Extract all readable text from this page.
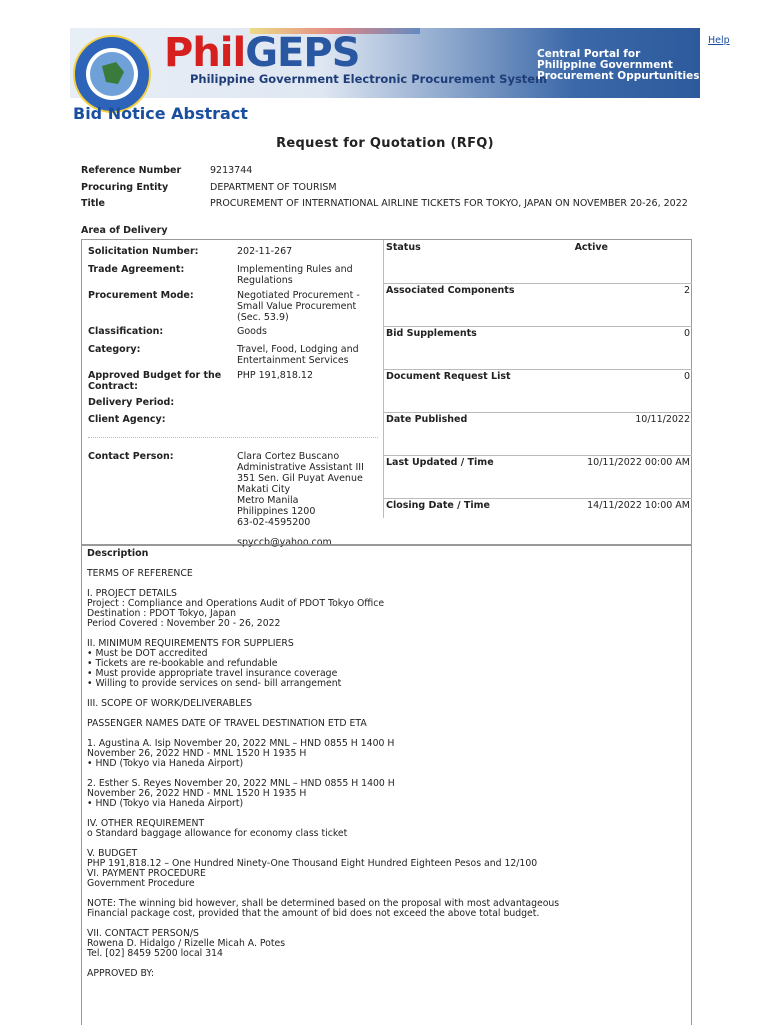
Help
PhilGEPS
Philippine Government Electronic Procurement System
Central Portal for
Philippine Government
Procurement Oppurtunities
Bid Notice Abstract
Request for Quotation (RFQ)
Reference Number	9213744
Procuring Entity	DEPARTMENT OF TOURISM
Title	PROCUREMENT OF INTERNATIONAL AIRLINE TICKETS FOR TOKYO, JAPAN ON NOVEMBER 20-26, 2022
Area of Delivery
Solicitation Number:	202-11-267
Trade Agreement:	Implementing Rules and Regulations
Procurement Mode:	Negotiated Procurement - Small Value Procurement (Sec. 53.9)
Classification:	Goods
Category:	Travel, Food, Lodging and Entertainment Services
Approved Budget for the Contract:
PHP 191,818.12
Delivery Period:
Client Agency:
Contact Person:	Clara Cortez Buscano
Administrative Assistant III
351 Sen. Gil Puyat Avenue
Makati City
Metro Manila
Philippines 1200
63-02-4595200
spyccb@yahoo.com
Status	Active
Associated Components	2
Bid Supplements	0
Document Request List	0
Date Published	10/11/2022
Last Updated / Time	10/11/2022 00:00 AM
Closing Date / Time	14/11/2022 10:00 AM
Description

TERMS OF REFERENCE

I. PROJECT DETAILS
Project : Compliance and Operations Audit of PDOT Tokyo Office
Destination : PDOT Tokyo, Japan
Period Covered : November 20 - 26, 2022

II. MINIMUM REQUIREMENTS FOR SUPPLIERS
• Must be DOT accredited
• Tickets are re-bookable and refundable
• Must provide appropriate travel insurance coverage
• Willing to provide services on send- bill arrangement

III. SCOPE OF WORK/DELIVERABLES

PASSENGER NAMES DATE OF TRAVEL DESTINATION ETD ETA

1. Agustina A. Isip November 20, 2022 MNL – HND 0855 H 1400 H
November 26, 2022 HND - MNL 1520 H 1935 H
• HND (Tokyo via Haneda Airport)

2. Esther S. Reyes November 20, 2022 MNL – HND 0855 H 1400 H
November 26, 2022 HND - MNL 1520 H 1935 H
• HND (Tokyo via Haneda Airport)

IV. OTHER REQUIREMENT
o Standard baggage allowance for economy class ticket

V. BUDGET
PHP 191,818.12 – One Hundred Ninety-One Thousand Eight Hundred Eighteen Pesos and 12/100
VI. PAYMENT PROCEDURE
Government Procedure

NOTE: The winning bid however, shall be determined based on the proposal with most advantageous
Financial package cost, provided that the amount of bid does not exceed the above total budget.

VII. CONTACT PERSON/S
Rowena D. Hidalgo / Rizelle Micah A. Potes
Tel. [02] 8459 5200 local 314

APPROVED BY:
